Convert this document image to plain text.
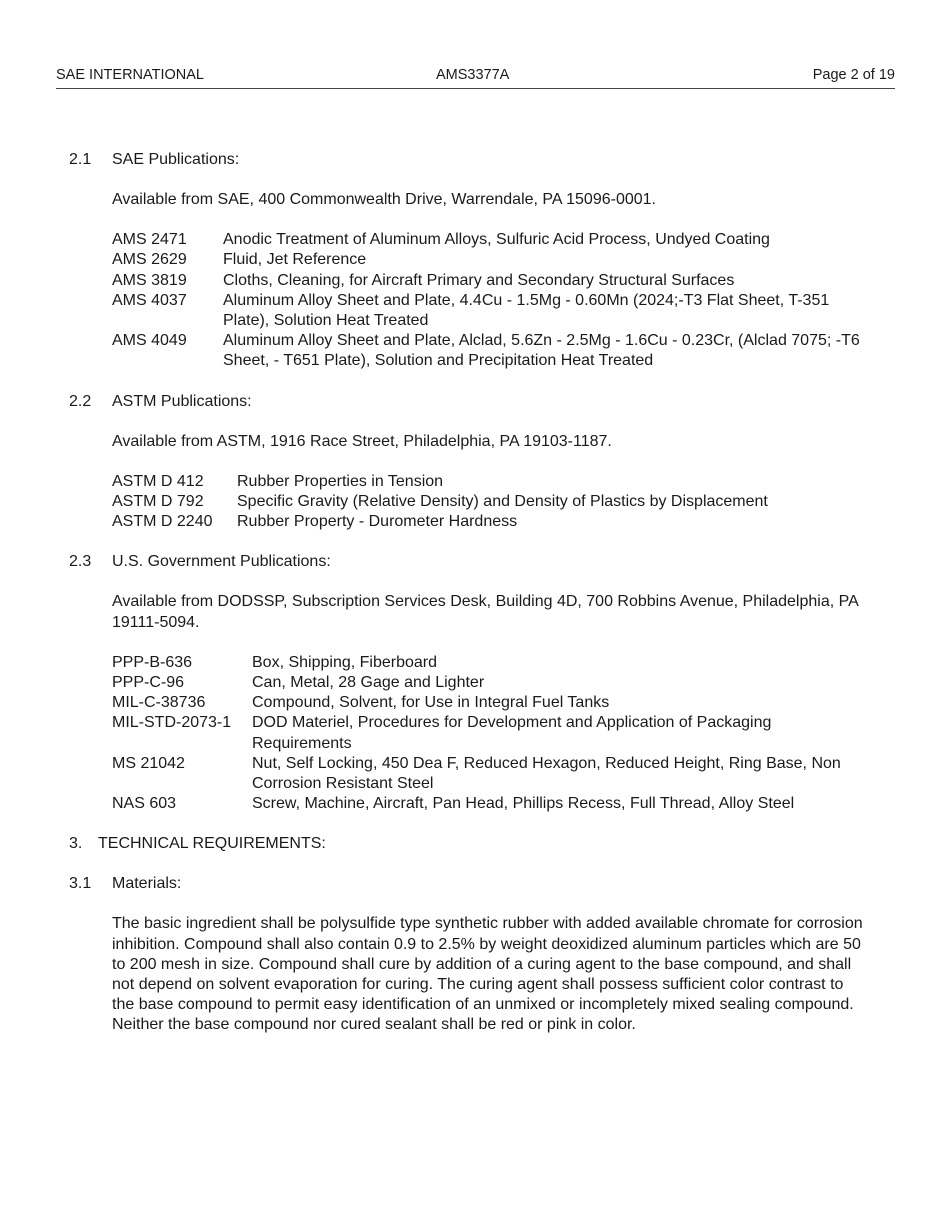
SAE INTERNATIONAL	AMS3377A	Page 2 of 19
2.1 SAE Publications:
Available from SAE, 400 Commonwealth Drive, Warrendale, PA 15096-0001.
AMS 2471	Anodic Treatment of Aluminum Alloys, Sulfuric Acid Process, Undyed Coating
AMS 2629	Fluid, Jet Reference
AMS 3819	Cloths, Cleaning, for Aircraft Primary and Secondary Structural Surfaces
AMS 4037	Aluminum Alloy Sheet and Plate, 4.4Cu - 1.5Mg - 0.60Mn (2024;-T3 Flat Sheet, T-351 Plate), Solution Heat Treated
AMS 4049	Aluminum Alloy Sheet and Plate, Alclad, 5.6Zn - 2.5Mg - 1.6Cu - 0.23Cr, (Alclad 7075; -T6 Sheet, - T651 Plate), Solution and Precipitation Heat Treated
2.2 ASTM Publications:
Available from ASTM, 1916 Race Street, Philadelphia, PA 19103-1187.
ASTM D 412	Rubber Properties in Tension
ASTM D 792	Specific Gravity (Relative Density) and Density of Plastics by Displacement
ASTM D 2240	Rubber Property - Durometer Hardness
2.3 U.S. Government Publications:
Available from DODSSP, Subscription Services Desk, Building 4D, 700 Robbins Avenue, Philadelphia, PA 19111-5094.
PPP-B-636	Box, Shipping, Fiberboard
PPP-C-96	Can, Metal, 28 Gage and Lighter
MIL-C-38736	Compound, Solvent, for Use in Integral Fuel Tanks
MIL-STD-2073-1	DOD Materiel, Procedures for Development and Application of Packaging Requirements
MS 21042	Nut, Self Locking, 450 Dea F, Reduced Hexagon, Reduced Height, Ring Base, Non Corrosion Resistant Steel
NAS 603	Screw, Machine, Aircraft, Pan Head, Phillips Recess, Full Thread, Alloy Steel
3. TECHNICAL REQUIREMENTS:
3.1 Materials:
The basic ingredient shall be polysulfide type synthetic rubber with added available chromate for corrosion inhibition. Compound shall also contain 0.9 to 2.5% by weight deoxidized aluminum particles which are 50 to 200 mesh in size. Compound shall cure by addition of a curing agent to the base compound, and shall not depend on solvent evaporation for curing. The curing agent shall possess sufficient color contrast to the base compound to permit easy identification of an unmixed or incompletely mixed sealing compound. Neither the base compound nor cured sealant shall be red or pink in color.
